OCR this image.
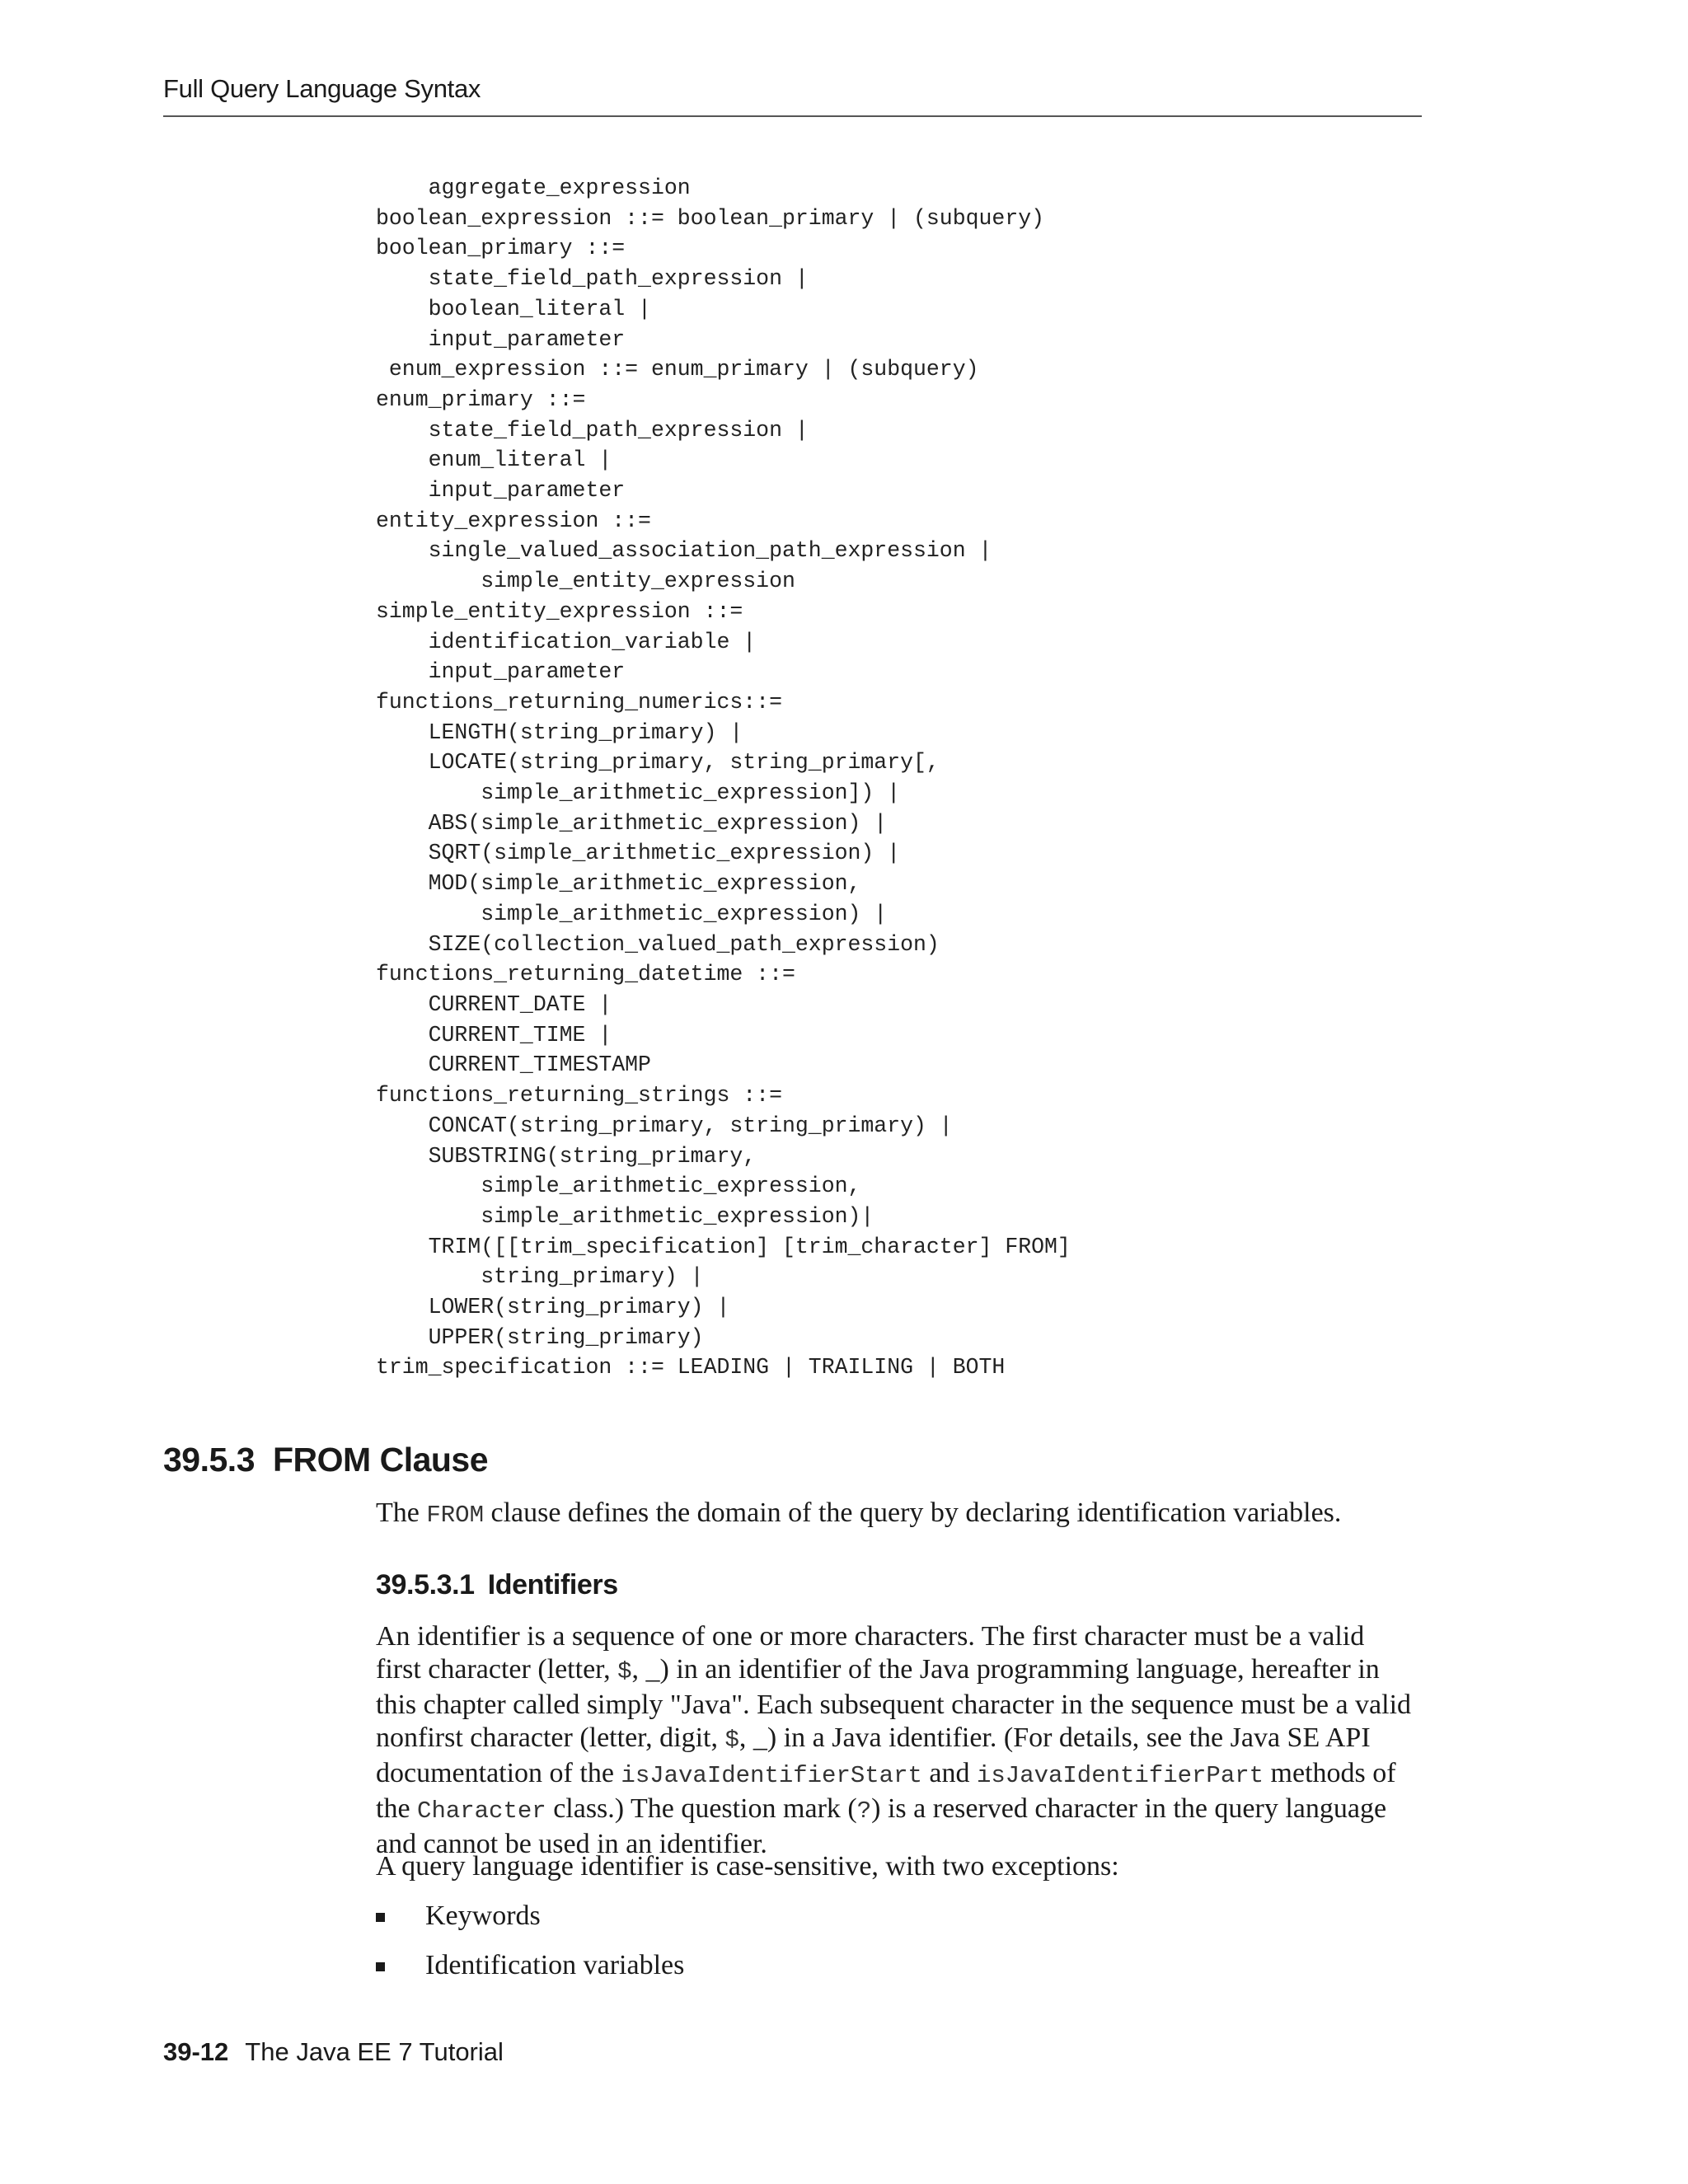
Full Query Language Syntax
aggregate_expression
boolean_expression ::= boolean_primary | (subquery)
boolean_primary ::=
state_field_path_expression |
boolean_literal |
input_parameter
enum_expression ::= enum_primary | (subquery)
enum_primary ::=
state_field_path_expression |
enum_literal |
input_parameter
entity_expression ::=
single_valued_association_path_expression |
simple_entity_expression
simple_entity_expression ::=
identification_variable |
input_parameter
functions_returning_numerics::=
LENGTH(string_primary) |
LOCATE(string_primary, string_primary[,
simple_arithmetic_expression]) |
ABS(simple_arithmetic_expression) |
SQRT(simple_arithmetic_expression) |
MOD(simple_arithmetic_expression,
simple_arithmetic_expression) |
SIZE(collection_valued_path_expression)
functions_returning_datetime ::=
CURRENT_DATE |
CURRENT_TIME |
CURRENT_TIMESTAMP
functions_returning_strings ::=
CONCAT(string_primary, string_primary) |
SUBSTRING(string_primary,
simple_arithmetic_expression,
simple_arithmetic_expression)|
TRIM([[trim_specification] [trim_character] FROM]
string_primary) |
LOWER(string_primary) |
UPPER(string_primary)
trim_specification ::= LEADING | TRAILING | BOTH
39.5.3 FROM Clause

The FROM clause defines the domain of the query by declaring identification variables.

39.5.3.1 Identifiers

An identifier is a sequence of one or more characters. The first character must be a valid first character (letter, $, _) in an identifier of the Java programming language, hereafter in this chapter called simply "Java". Each subsequent character in the sequence must be a valid nonfirst character (letter, digit, $, _) in a Java identifier. (For details, see the Java SE API documentation of the isJavaIdentifierStart and isJavaIdentifierPart methods of the Character class.) The question mark (?) is a reserved character in the query language and cannot be used in an identifier.

A query language identifier is case-sensitive, with two exceptions:

Keywords
Identification variables
39-12 The Java EE 7 Tutorial
